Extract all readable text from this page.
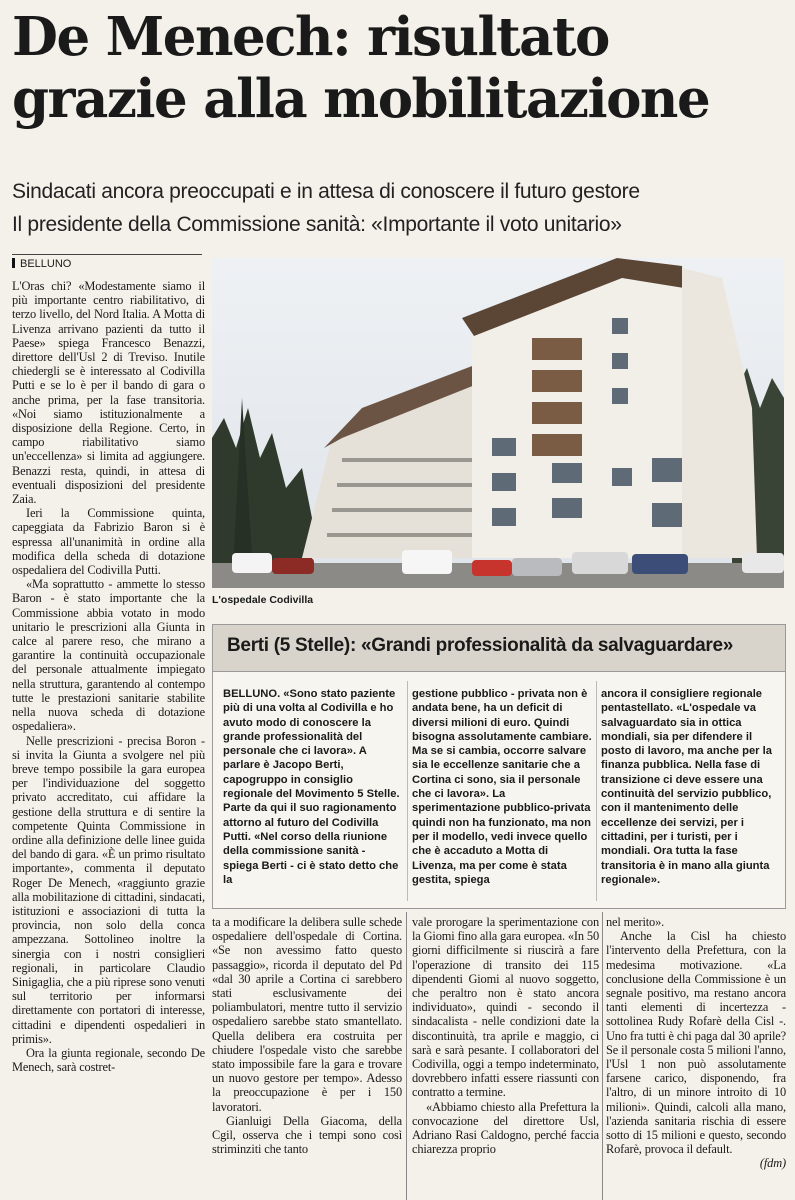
De Menech: risultato
grazie alla mobilitazione
Sindacati ancora preoccupati e in attesa di conoscere il futuro gestore
Il presidente della Commissione sanità: «Importante il voto unitario»
BELLUNO

L'Oras chi? «Modestamente siamo il più importante centro riabilitativo, di terzo livello, del Nord Italia. A Motta di Livenza arrivano pazienti da tutto il Paese» spiega Francesco Benazzi, direttore dell'Usl 2 di Treviso. Inutile chiedergli se è interessato al Codivilla Putti e se lo è per il bando di gara o anche prima, per la fase transitoria. «Noi siamo istituzionalmente a disposizione della Regione. Certo, in campo riabilitativo siamo un'eccellenza» si limita ad aggiungere. Benazzi resta, quindi, in attesa di eventuali disposizioni del presidente Zaia.

Ieri la Commissione quinta, capeggiata da Fabrizio Baron si è espressa all'unanimità in ordine alla modifica della scheda di dotazione ospedaliera del Codivilla Putti.

«Ma soprattutto - ammette lo stesso Baron - è stato importante che la Commissione abbia votato in modo unitario le prescrizioni alla Giunta in calce al parere reso, che mirano a garantire la continuità occupazionale del personale attualmente impiegato nella struttura, garantendo al contempo tutte le prestazioni sanitarie stabilite nella nuova scheda di dotazione ospedaliera».

Nelle prescrizioni - precisa Boron - si invita la Giunta a svolgere nel più breve tempo possibile la gara europea per l'individuazione del soggetto privato accreditato, cui affidare la gestione della struttura e di sentire la competente Quinta Commissione in ordine alla definizione delle linee guida del bando di gara. «È un primo risultato importante», commenta il deputato Roger De Menech, «raggiunto grazie alla mobilitazione di cittadini, sindacati, istituzioni e associazioni di tutta la provincia, non solo della conca ampezzana. Sottolineo inoltre la sinergia con i nostri consiglieri regionali, in particolare Claudio Sinigaglia, che a più riprese sono venuti sul territorio per informarsi direttamente con portatori di interesse, cittadini e dipendenti ospedalieri in primis».

Ora la giunta regionale, secondo De Menech, sarà costret-

L'ospedale Codivilla
Berti (5 Stelle): «Grandi professionalità da salvaguardare»
BELLUNO. «Sono stato paziente più di una volta al Codivilla e ho avuto modo di conoscere la grande professionalità del personale che ci lavora». A parlare è Jacopo Berti, capogruppo in consiglio regionale del Movimento 5 Stelle. Parte da qui il suo ragionamento attorno al futuro del Codivilla Putti. «Nel corso della riunione della commissione sanità - spiega Berti - ci è stato detto che la
gestione pubblico - privata non è andata bene, ha un deficit di diversi milioni di euro. Quindi bisogna assolutamente cambiare. Ma se si cambia, occorre salvare sia le eccellenze sanitarie che a Cortina ci sono, sia il personale che ci lavora». La sperimentazione pubblico-privata quindi non ha funzionato, ma non per il modello, vedi invece quello che è accaduto a Motta di Livenza, ma per come è stata gestita, spiega
ancora il consigliere regionale pentastellato. «L'ospedale va salvaguardato sia in ottica mondiali, sia per difendere il posto di lavoro, ma anche per la finanza pubblica. Nella fase di transizione ci deve essere una continuità del servizio pubblico, con il mantenimento delle eccellenze dei servizi, per i cittadini, per i turisti, per i mondiali. Ora tutta la fase transitoria è in mano alla giunta regionale».

ta a modificare la delibera sulle schede ospedaliere dell'ospedale di Cortina. «Se non avessimo fatto questo passaggio», ricorda il deputato del Pd «dal 30 aprile a Cortina ci sarebbero stati esclusivamente dei poliambulatori, mentre tutto il servizio ospedaliero sarebbe stato smantellato. Quella delibera era costruita per chiudere l'ospedale visto che sarebbe stato impossibile fare la gara e trovare un nuovo gestore per tempo». Adesso la preoccupazione è per i 150 lavoratori.

Gianluigi Della Giacoma, della Cgil, osserva che i tempi sono così striminziti che tanto

vale prorogare la sperimentazione con la Giomi fino alla gara europea. «In 50 giorni difficilmente si riuscirà a fare l'operazione di transito dei 115 dipendenti Giomi al nuovo soggetto, che peraltro non è stato ancora individuato», quindi - secondo il sindacalista - nelle condizioni date la discontinuità, tra aprile e maggio, ci sarà e sarà pesante. I collaboratori del Codivilla, oggi a tempo indeterminato, dovrebbero infatti essere riassunti con contratto a termine.

«Abbiamo chiesto alla Prefettura la convocazione del direttore Usl, Adriano Rasi Caldogno, perché faccia chiarezza proprio

nel merito».

Anche la Cisl ha chiesto l'intervento della Prefettura, con la medesima motivazione. «La conclusione della Commissione è un segnale positivo, ma restano ancora tanti elementi di incertezza - sottolinea Rudy Rofarè della Cisl -. Uno fra tutti è chi paga dal 30 aprile? Se il personale costa 5 milioni l'anno, l'Usl 1 non può assolutamente farsene carico, disponendo, fra l'altro, di un minore introito di 10 milioni». Quindi, calcoli alla mano, l'azienda sanitaria rischia di essere sotto di 15 milioni e questo, secondo Rofarè, provoca il default.

(fdm)
